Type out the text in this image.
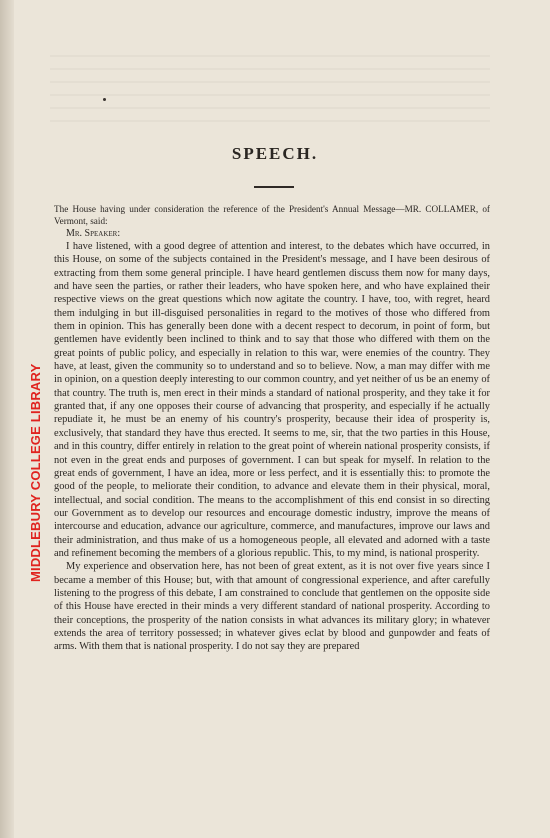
SPEECH.
MIDDLEBURY COLLEGE LIBRARY

The House having under consideration the reference of the President's Annual Message—MR. COLLAMER, of Vermont, said:

Mr. Speaker:

I have listened, with a good degree of attention and interest, to the debates which have occurred, in this House, on some of the subjects contained in the President's message, and I have been desirous of extracting from them some general principle. I have heard gentlemen discuss them now for many days, and have seen the parties, or rather their leaders, who have spoken here, and who have explained their respective views on the great questions which now agitate the country. I have, too, with regret, heard them indulging in but ill-disguised personalities in regard to the motives of those who differed from them in opinion. This has generally been done with a decent respect to decorum, in point of form, but gentlemen have evidently been inclined to think and to say that those who differed with them on the great points of public policy, and especially in relation to this war, were enemies of the country. They have, at least, given the community so to understand and so to believe. Now, a man may differ with me in opinion, on a question deeply interesting to our common country, and yet neither of us be an enemy of that country. The truth is, men erect in their minds a standard of national prosperity, and they take it for granted that, if any one opposes their course of advancing that prosperity, and especially if he actually repudiate it, he must be an enemy of his country's prosperity, because their idea of prosperity is, exclusively, that standard they have thus erected. It seems to me, sir, that the two parties in this House, and in this country, differ entirely in relation to the great point of wherein national prosperity consists, if not even in the great ends and purposes of government. I can but speak for myself. In relation to the great ends of government, I have an idea, more or less perfect, and it is essentially this: to promote the good of the people, to meliorate their condition, to advance and elevate them in their physical, moral, intellectual, and social condition. The means to the accomplishment of this end consist in so directing our Government as to develop our resources and encourage domestic industry, improve the means of intercourse and education, advance our agriculture, commerce, and manufactures, improve our laws and their administration, and thus make of us a homogeneous people, all elevated and adorned with a taste and refinement becoming the members of a glorious republic. This, to my mind, is national prosperity.

My experience and observation here, has not been of great extent, as it is not over five years since I became a member of this House; but, with that amount of congressional experience, and after carefully listening to the progress of this debate, I am constrained to conclude that gentlemen on the opposite side of this House have erected in their minds a very different standard of national prosperity. According to their conceptions, the prosperity of the nation consists in what advances its military glory; in whatever extends the area of territory possessed; in whatever gives eclat by blood and gunpowder and feats of arms. With them that is national prosperity. I do not say they are prepared
